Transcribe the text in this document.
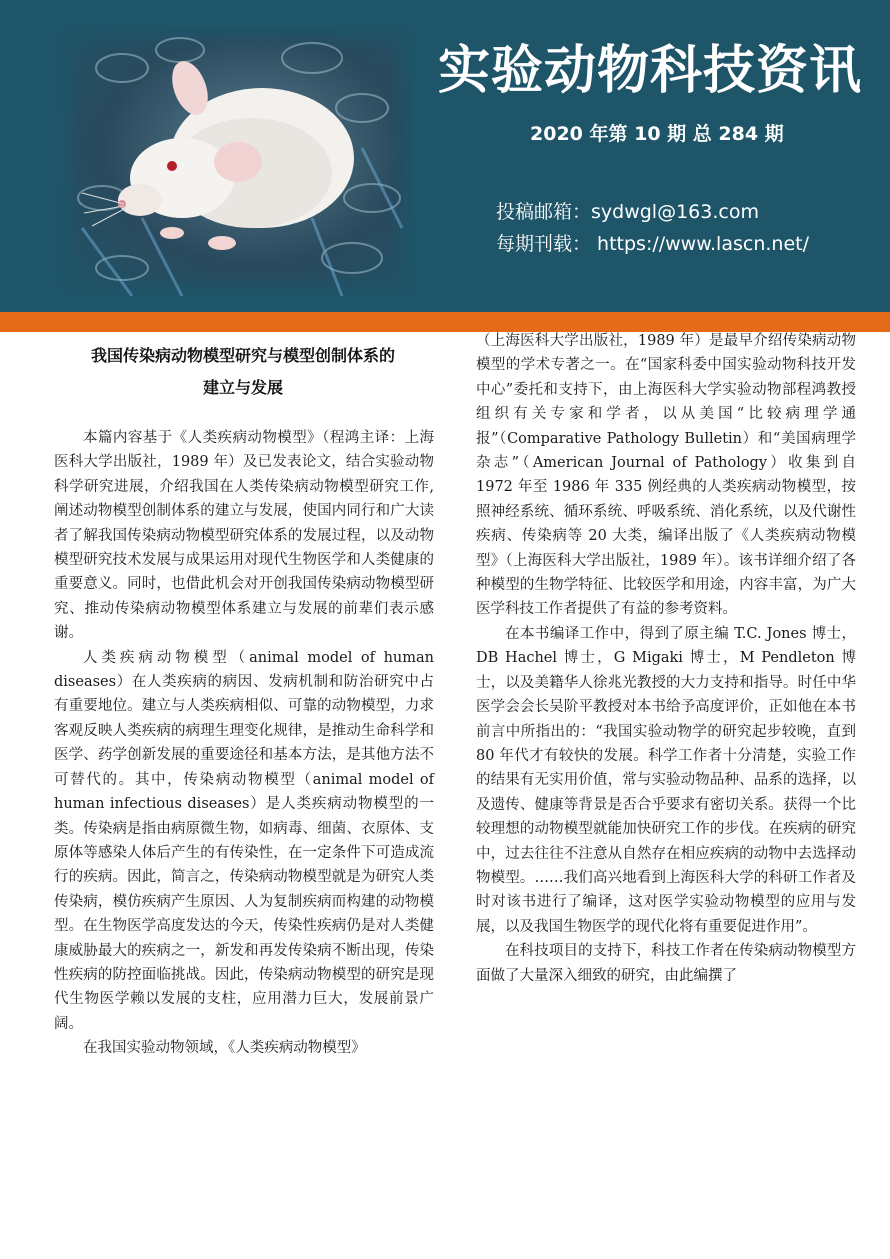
实验动物科技资讯
2020 年第 10 期 总 284 期
投稿邮箱：sydwgl@163.com
每期刊载： https://www.lascn.net/
我国传染病动物模型研究与模型创制体系的
建立与发展

本篇内容基于《人类疾病动物模型》（程鸿主译：上海医科大学出版社，1989 年）及已发表论文，结合实验动物科学研究进展，介绍我国在人类传染病动物模型研究工作,阐述动物模型创制体系的建立与发展，使国内同行和广大读者了解我国传染病动物模型研究体系的发展过程，以及动物模型研究技术发展与成果运用对现代生物医学和人类健康的重要意义。同时，也借此机会对开创我国传染病动物模型研究、推动传染病动物模型体系建立与发展的前辈们表示感谢。

人类疾病动物模型（animal model of human diseases）在人类疾病的病因、发病机制和防治研究中占有重要地位。建立与人类疾病相似、可靠的动物模型，力求客观反映人类疾病的病理生理变化规律，是推动生命科学和医学、药学创新发展的重要途径和基本方法，是其他方法不可替代的。其中，传染病动物模型（animal model of human infectious diseases）是人类疾病动物模型的一类。传染病是指由病原微生物，如病毒、细菌、衣原体、支原体等感染人体后产生的有传染性，在一定条件下可造成流行的疾病。因此，简言之，传染病动物模型就是为研究人类传染病，模仿疾病产生原因、人为复制疾病而构建的动物模型。在生物医学高度发达的今天，传染性疾病仍是对人类健康威胁最大的疾病之一，新发和再发传染病不断出现，传染性疾病的防控面临挑战。因此，传染病动物模型的研究是现代生物医学赖以发展的支柱，应用潜力巨大，发展前景广阔。

在我国实验动物领域，《人类疾病动物模型》

（上海医科大学出版社，1989 年）是最早介绍传染病动物模型的学术专著之一。在“国家科委中国实验动物科技开发中心”委托和支持下，由上海医科大学实验动物部程鸿教授组织有关专家和学者，以从美国“比较病理学通报”（Comparative Pathology Bulletin）和“美国病理学杂志”（American Journal of Pathology）收集到自 1972 年至 1986 年 335 例经典的人类疾病动物模型，按照神经系统、循环系统、呼吸系统、消化系统，以及代谢性疾病、传染病等 20 大类，编译出版了《人类疾病动物模型》（上海医科大学出版社，1989 年）。该书详细介绍了各种模型的生物学特征、比较医学和用途，内容丰富，为广大医学科技工作者提供了有益的参考资料。

在本书编译工作中，得到了原主编 T.C. Jones 博士，DB Hachel 博士，G Migaki 博士，M Pendleton 博士，以及美籍华人徐兆光教授的大力支持和指导。时任中华医学会会长吴阶平教授对本书给予高度评价，正如他在本书前言中所指出的：“我国实验动物学的研究起步较晚，直到 80 年代才有较快的发展。科学工作者十分清楚，实验工作的结果有无实用价值，常与实验动物品种、品系的选择，以及遗传、健康等背景是否合乎要求有密切关系。获得一个比较理想的动物模型就能加快研究工作的步伐。在疾病的研究中，过去往往不注意从自然存在相应疾病的动物中去选择动物模型。……我们高兴地看到上海医科大学的科研工作者及时对该书进行了编译，这对医学实验动物模型的应用与发展，以及我国生物医学的现代化将有重要促进作用”。

在科技项目的支持下，科技工作者在传染病动物模型方面做了大量深入细致的研究，由此编撰了
